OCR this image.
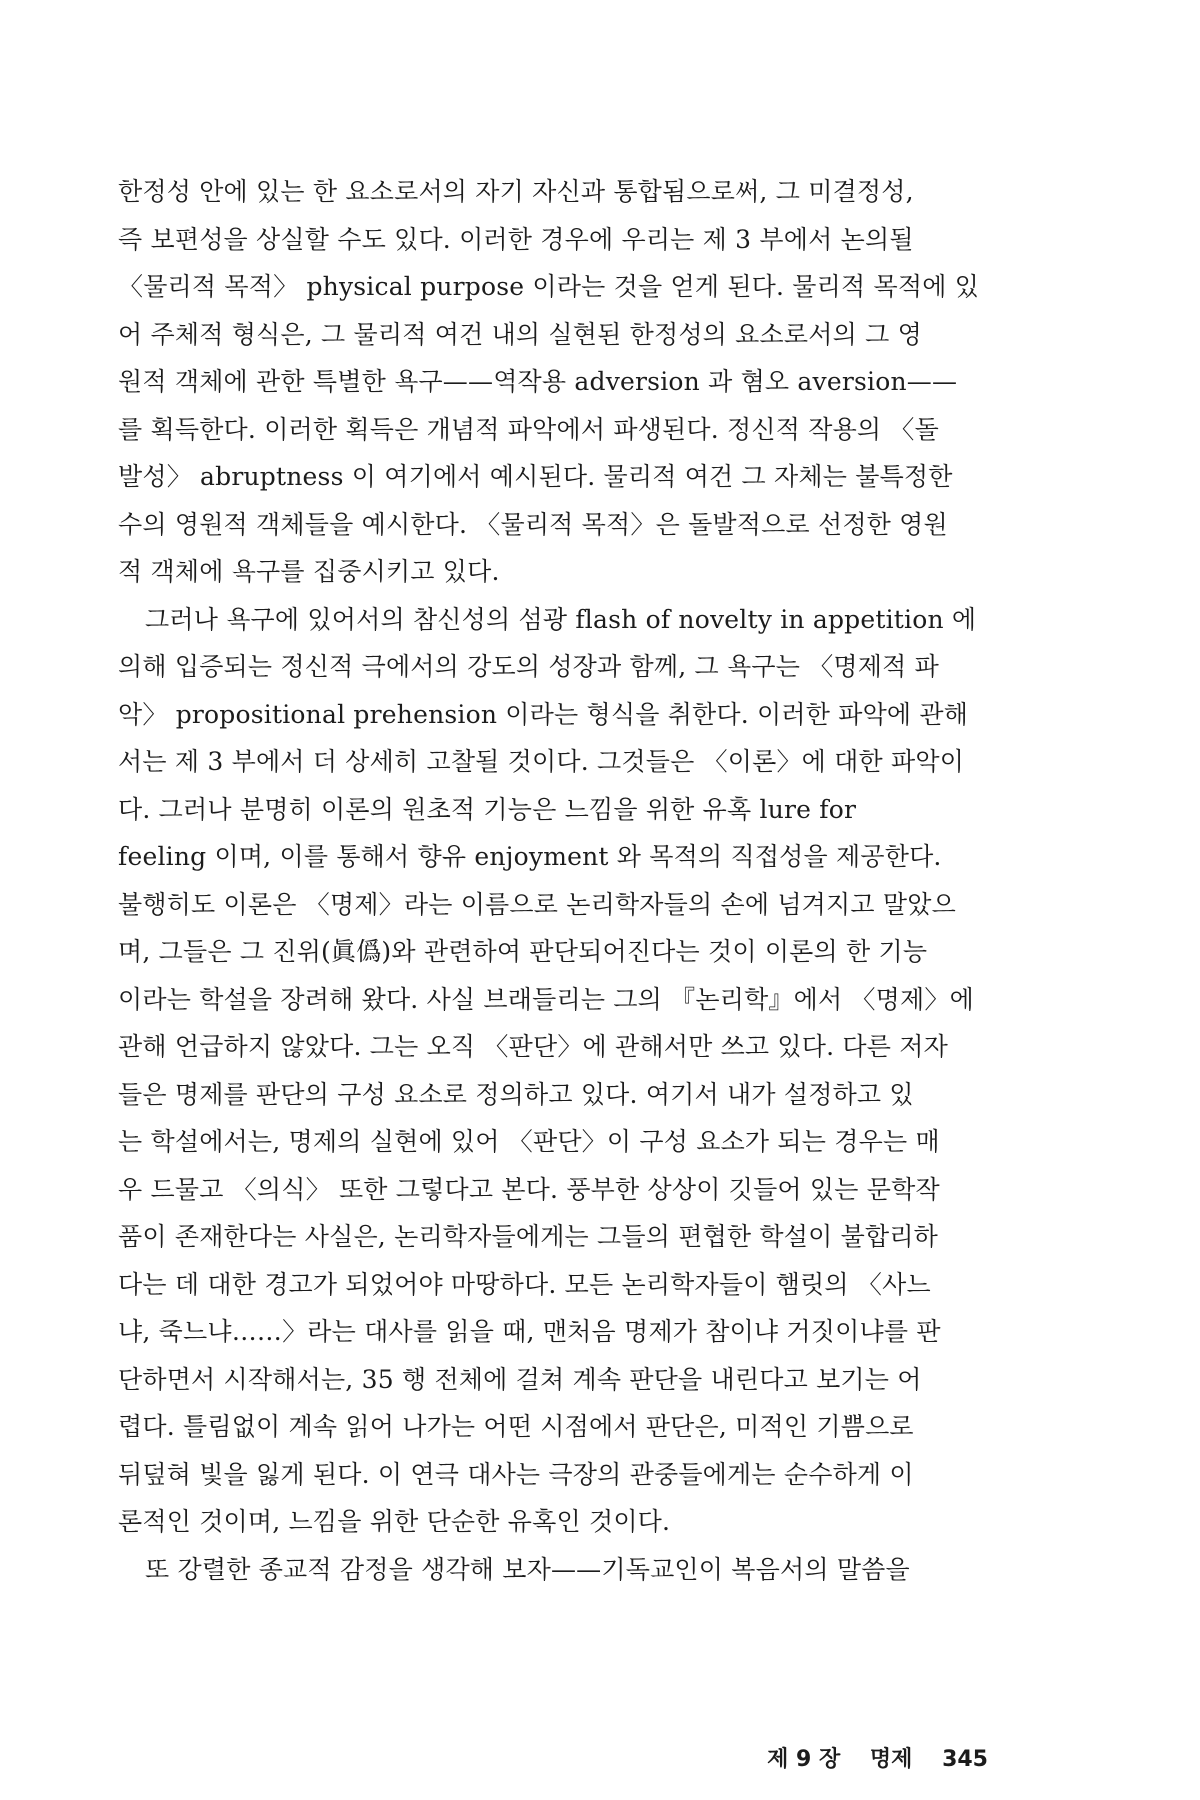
한정성 안에 있는 한 요소로서의 자기 자신과 통합됨으로써, 그 미결정성,
즉 보편성을 상실할 수도 있다. 이러한 경우에 우리는 제 3 부에서 논의될
〈물리적 목적〉 physical purpose 이라는 것을 얻게 된다. 물리적 목적에 있
어 주체적 형식은, 그 물리적 여건 내의 실현된 한정성의 요소로서의 그 영
원적 객체에 관한 특별한 욕구——역작용 adversion 과 혐오 aversion——
를 획득한다. 이러한 획득은 개념적 파악에서 파생된다. 정신적 작용의 〈돌
발성〉 abruptness 이 여기에서 예시된다. 물리적 여건 그 자체는 불특정한
수의 영원적 객체들을 예시한다. 〈물리적 목적〉은 돌발적으로 선정한 영원
적 객체에 욕구를 집중시키고 있다.
그러나 욕구에 있어서의 참신성의 섬광 flash of novelty in appetition 에
의해 입증되는 정신적 극에서의 강도의 성장과 함께, 그 욕구는 〈명제적 파
악〉 propositional prehension 이라는 형식을 취한다. 이러한 파악에 관해
서는 제 3 부에서 더 상세히 고찰될 것이다. 그것들은 〈이론〉에 대한 파악이
다. 그러나 분명히 이론의 원초적 기능은 느낌을 위한 유혹 lure for
feeling 이며, 이를 통해서 향유 enjoyment 와 목적의 직접성을 제공한다.
불행히도 이론은 〈명제〉라는 이름으로 논리학자들의 손에 넘겨지고 말았으
며, 그들은 그 진위(眞僞)와 관련하여 판단되어진다는 것이 이론의 한 기능
이라는 학설을 장려해 왔다. 사실 브래들리는 그의 『논리학』에서 〈명제〉에
관해 언급하지 않았다. 그는 오직 〈판단〉에 관해서만 쓰고 있다. 다른 저자
들은 명제를 판단의 구성 요소로 정의하고 있다. 여기서 내가 설정하고 있
는 학설에서는, 명제의 실현에 있어 〈판단〉이 구성 요소가 되는 경우는 매
우 드물고 〈의식〉 또한 그렇다고 본다. 풍부한 상상이 깃들어 있는 문학작
품이 존재한다는 사실은, 논리학자들에게는 그들의 편협한 학설이 불합리하
다는 데 대한 경고가 되었어야 마땅하다. 모든 논리학자들이 햄릿의 〈사느
냐, 죽느냐……〉라는 대사를 읽을 때, 맨처음 명제가 참이냐 거짓이냐를 판
단하면서 시작해서는, 35 행 전체에 걸쳐 계속 판단을 내린다고 보기는 어
렵다. 틀림없이 계속 읽어 나가는 어떤 시점에서 판단은, 미적인 기쁨으로
뒤덮혀 빛을 잃게 된다. 이 연극 대사는 극장의 관중들에게는 순수하게 이
론적인 것이며, 느낌을 위한 단순한 유혹인 것이다.
또 강렬한 종교적 감정을 생각해 보자——기독교인이 복음서의 말씀을
제 9 장 명제 345
